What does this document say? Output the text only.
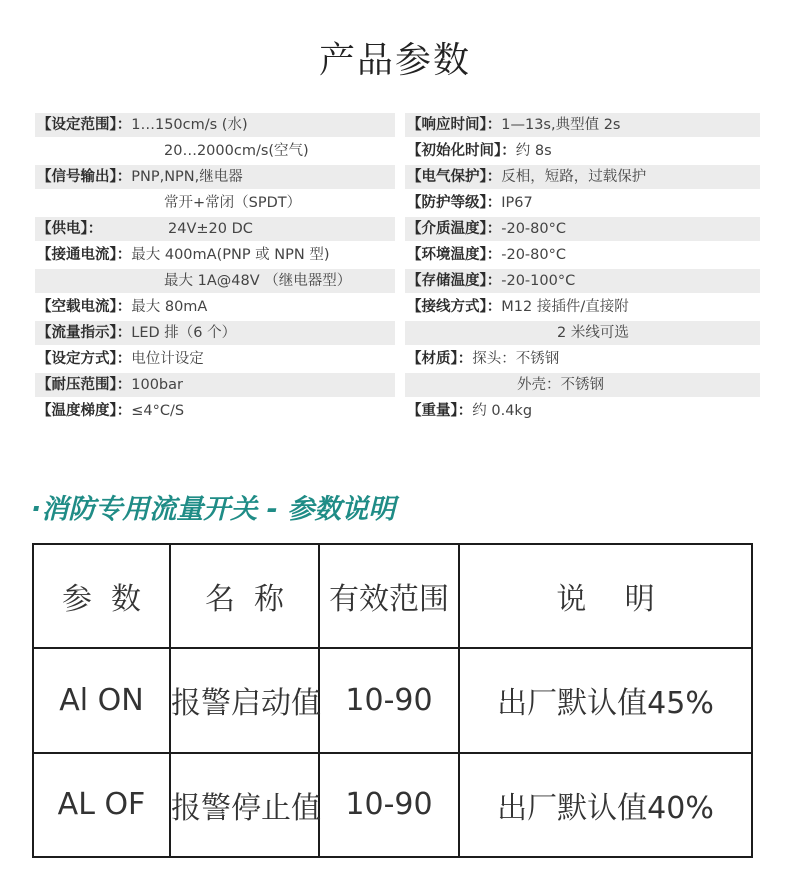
产品参数
【设定范围】：1…150cm/s (水)
20…2000cm/s(空气)
【信号输出】：PNP,NPN,继电器
常开+常闭（SPDT）
【供电】：	24V±20 DC
【接通电流】：最大 400mA(PNP 或 NPN 型)
最大 1A@48V （继电器型）
【空载电流】：最大 80mA
【流量指示】：LED 排（6 个）
【设定方式】：电位计设定
【耐压范围】：100bar
【温度梯度】：≤4°C/S
【响应时间】：1—13s,典型值 2s
【初始化时间】：约 8s
【电气保护】：反相，短路，过载保护
【防护等级】：IP67
【介质温度】：-20-80°C
【环境温度】：-20-80°C
【存储温度】：-20-100°C
【接线方式】：M12 接插件/直接附
2 米线可选
【材质】：探头：不锈钢
外壳：不锈钢
【重量】：约 0.4kg
·消防专用流量开关 - 参数说明
参  数	名  称	有效范围	说    明
Al ON	报警启动值	10-90	出厂默认值45%
AL OF	报警停止值	10-90	出厂默认值40%
